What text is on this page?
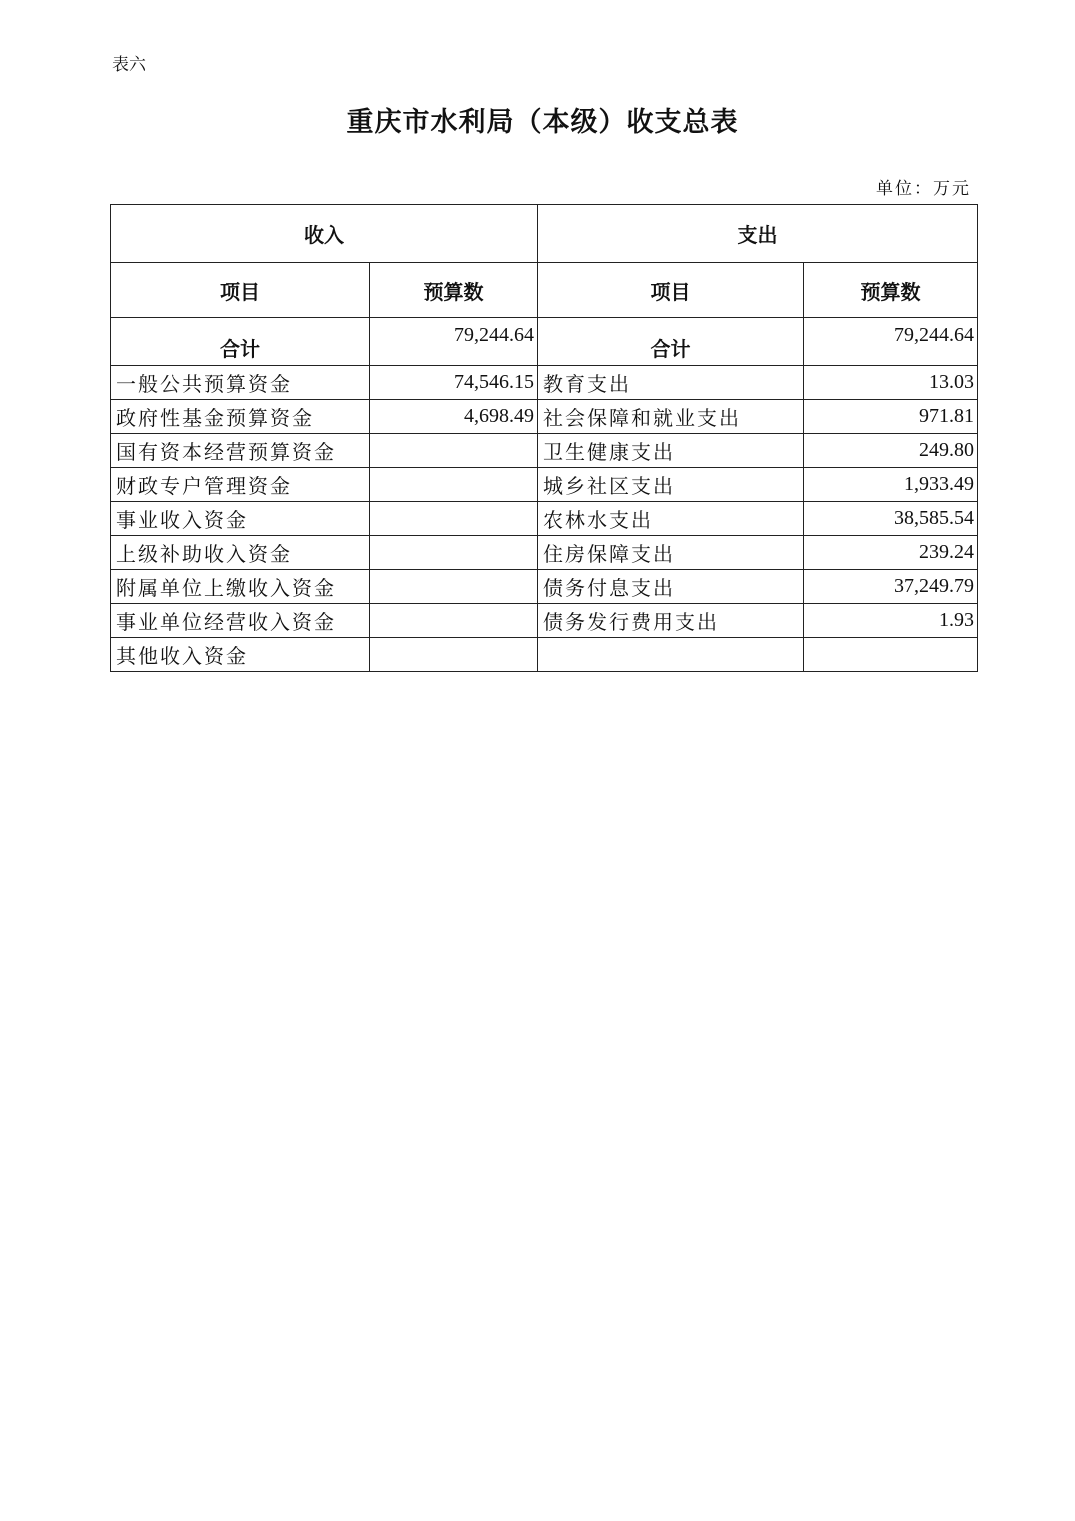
表六
重庆市水利局（本级）收支总表
单位：万元
收入		支出	
项目	预算数	项目	预算数
合计	79,244.64	合计	79,244.64
一般公共预算资金	74,546.15	教育支出	13.03
政府性基金预算资金	4,698.49	社会保障和就业支出	971.81
国有资本经营预算资金		卫生健康支出	249.80
财政专户管理资金		城乡社区支出	1,933.49
事业收入资金		农林水支出	38,585.54
上级补助收入资金		住房保障支出	239.24
附属单位上缴收入资金		债务付息支出	37,249.79
事业单位经营收入资金		债务发行费用支出	1.93
其他收入资金			
